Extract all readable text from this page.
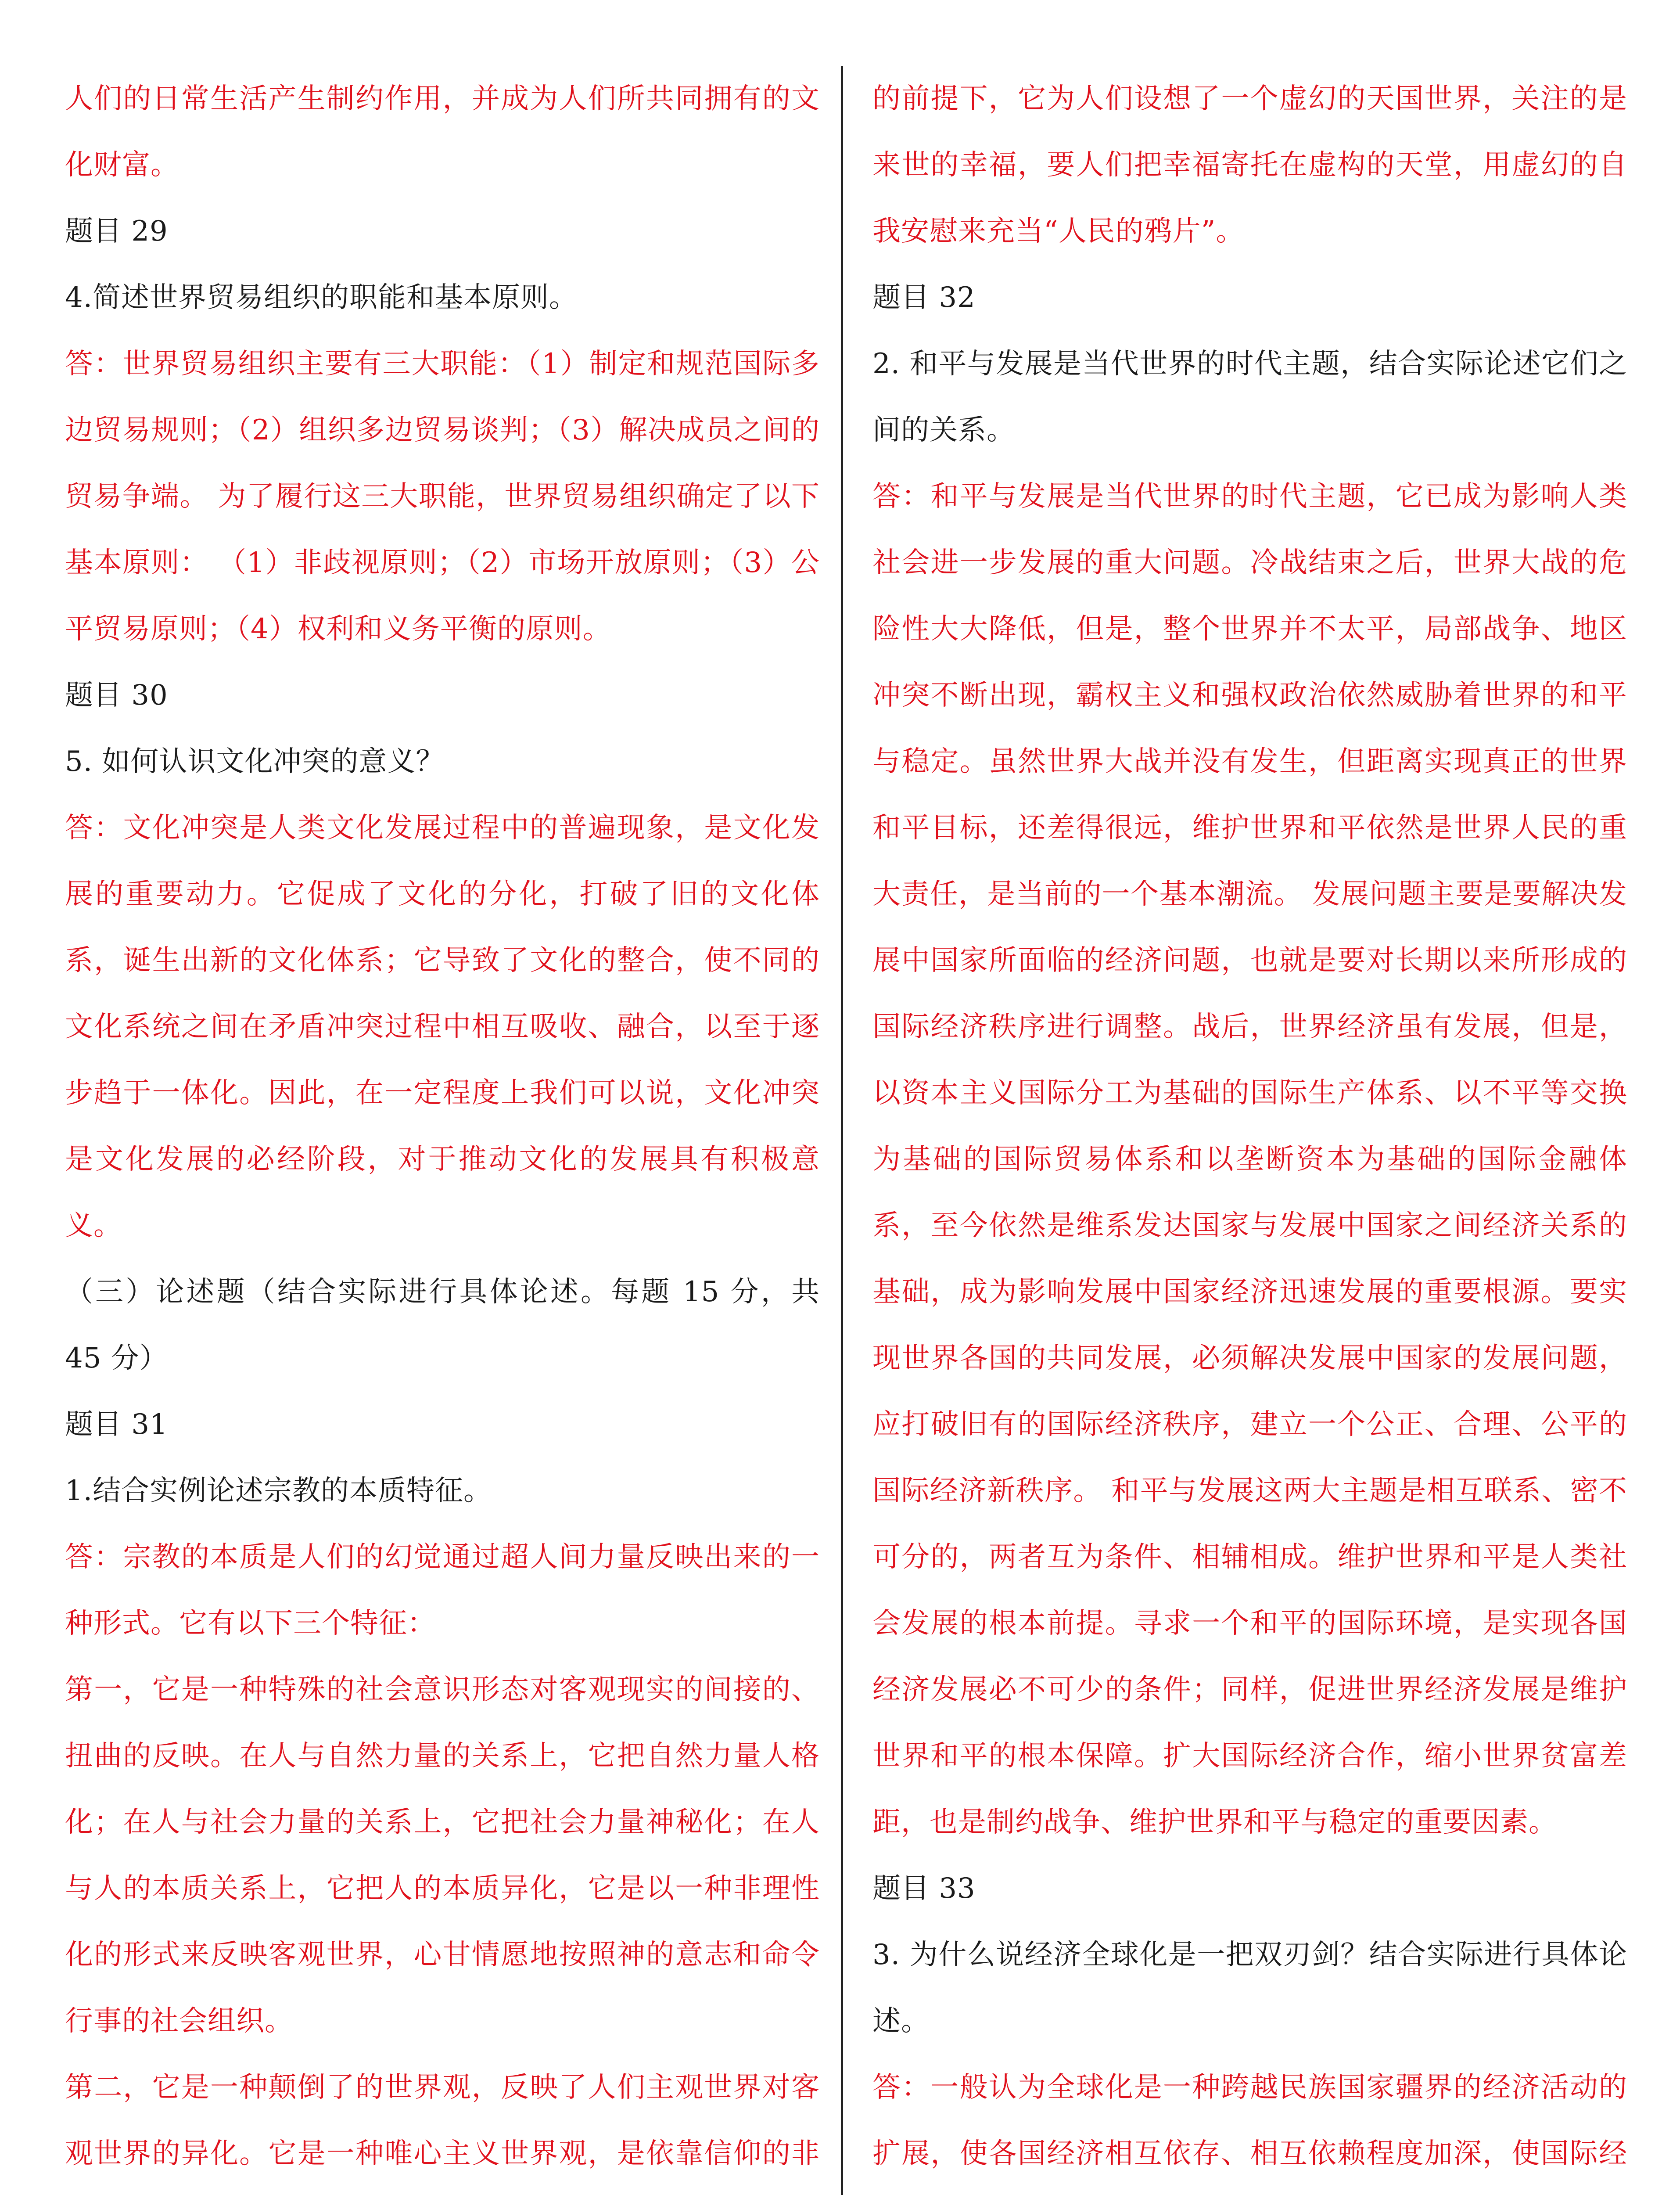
人们的日常生活产生制约作用，并成为人们所共同拥有的文化财富。

题目 29

4.简述世界贸易组织的职能和基本原则。

答：世界贸易组织主要有三大职能：（1）制定和规范国际多边贸易规则；（2）组织多边贸易谈判；（3）解决成员之间的贸易争端。 为了履行这三大职能，世界贸易组织确定了以下基本原则： （1）非歧视原则；（2）市场开放原则；（3）公平贸易原则；（4）权利和义务平衡的原则。

题目 30

5. 如何认识文化冲突的意义？

答：文化冲突是人类文化发展过程中的普遍现象，是文化发展的重要动力。它促成了文化的分化，打破了旧的文化体系，诞生出新的文化体系；它导致了文化的整合，使不同的文化系统之间在矛盾冲突过程中相互吸收、融合，以至于逐步趋于一体化。因此，在一定程度上我们可以说，文化冲突是文化发展的必经阶段，对于推动文化的发展具有积极意义。

（三）论述题（结合实际进行具体论述。每题 15 分，共 45 分）

题目 31

1.结合实例论述宗教的本质特征。

答：宗教的本质是人们的幻觉通过超人间力量反映出来的一种形式。它有以下三个特征：

第一，它是一种特殊的社会意识形态对客观现实的间接的、扭曲的反映。在人与自然力量的关系上，它把自然力量人格化；在人与社会力量的关系上，它把社会力量神秘化；在人与人的本质关系上，它把人的本质异化，它是以一种非理性化的形式来反映客观世界，心甘情愿地按照神的意志和命令行事的社会组织。

第二，它是一种颠倒了的世界观，反映了人们主观世界对客观世界的异化。它是一种唯心主义世界观，是依靠信仰的非

的前提下，它为人们设想了一个虚幻的天国世界，关注的是来世的幸福，要人们把幸福寄托在虚构的天堂，用虚幻的自我安慰来充当“人民的鸦片”。

题目 32

2. 和平与发展是当代世界的时代主题，结合实际论述它们之间的关系。

答：和平与发展是当代世界的时代主题，它已成为影响人类社会进一步发展的重大问题。冷战结束之后，世界大战的危险性大大降低，但是，整个世界并不太平，局部战争、地区冲突不断出现，霸权主义和强权政治依然威胁着世界的和平与稳定。虽然世界大战并没有发生，但距离实现真正的世界和平目标，还差得很远，维护世界和平依然是世界人民的重大责任，是当前的一个基本潮流。 发展问题主要是要解决发展中国家所面临的经济问题，也就是要对长期以来所形成的国际经济秩序进行调整。战后，世界经济虽有发展，但是，以资本主义国际分工为基础的国际生产体系、以不平等交换为基础的国际贸易体系和以垄断资本为基础的国际金融体系，至今依然是维系发达国家与发展中国家之间经济关系的基础，成为影响发展中国家经济迅速发展的重要根源。要实现世界各国的共同发展，必须解决发展中国家的发展问题，应打破旧有的国际经济秩序，建立一个公正、合理、公平的国际经济新秩序。 和平与发展这两大主题是相互联系、密不可分的，两者互为条件、相辅相成。维护世界和平是人类社会发展的根本前提。寻求一个和平的国际环境，是实现各国经济发展必不可少的条件；同样，促进世界经济发展是维护世界和平的根本保障。扩大国际经济合作，缩小世界贫富差距，也是制约战争、维护世界和平与稳定的重要因素。

题目 33

3. 为什么说经济全球化是一把双刃剑？结合实际进行具体论述。

答：一般认为全球化是一种跨越民族国家疆界的经济活动的扩展，使各国经济相互依存、相互依赖程度加深，使国际经
